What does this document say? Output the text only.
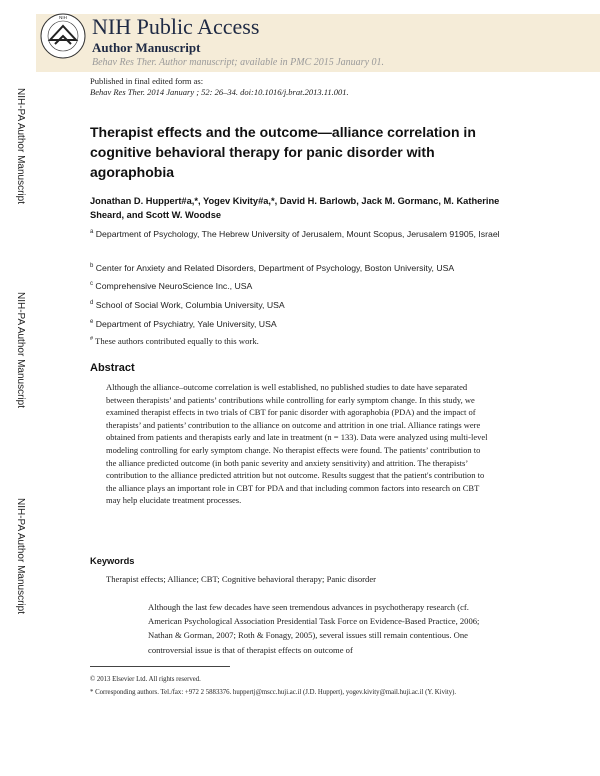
NIH NIH Public Access
Author Manuscript
Behav Res Ther. Author manuscript; available in PMC 2015 January 01.
Published in final edited form as:
Behav Res Ther. 2014 January ; 52: 26–34. doi:10.1016/j.brat.2013.11.001.
NIH-PA Author Manuscript
NIH-PA Author Manuscript
NIH-PA Author Manuscript
Therapist effects and the outcome—alliance correlation in cognitive behavioral therapy for panic disorder with agoraphobia
Jonathan D. Huppert#a,*, Yogev Kivity#a,*, David H. Barlowb, Jack M. Gormanc, M. Katherine
Sheard, and Scott W. Woodse
$^a$ Department of Psychology, The Hebrew University of Jerusalem, Mount Scopus, Jerusalem 91905, Israel
$^b$ Center for Anxiety and Related Disorders, Department of Psychology, Boston University, USA
$^c$ Comprehensive NeuroScience Inc., USA
$^d$ School of Social Work, Columbia University, USA
$^e$ Department of Psychiatry, Yale University, USA
# These authors contributed equally to this work.
Abstract
Although the alliance–outcome correlation is well established, no published studies to date have separated between therapists’ and patients’ contributions while controlling for early symptom change. In this study, we examined therapist effects in two trials of CBT for panic disorder with agoraphobia (PDA) and the impact of therapists’ and patients’ contribution to the alliance on outcome and attrition in one trial. Alliance ratings were obtained from patients and therapists early and late in treatment (n = 133). Data were analyzed using multi-level modeling controlling for early symptom change. No therapist effects were found. The patients’ contribution to the alliance predicted outcome (in both panic severity and anxiety sensitivity) and attrition. The therapists’ contribution to the alliance predicted attrition but not outcome. Results suggest that the patient's contribution to the alliance plays an important role in CBT for PDA and that including common factors into research on CBT may help elucidate treatment processes.
Keywords
Therapist effects; Alliance; CBT; Cognitive behavioral therapy; Panic disorder
Although the last few decades have seen tremendous advances in psychotherapy research (cf. American Psychological Association Presidential Task Force on Evidence-Based Practice, 2006; Nathan & Gorman, 2007; Roth & Fonagy, 2005), several issues still remain contentious. One controversial issue is that of therapist effects on outcome of
© 2013 Elsevier Ltd. All rights reserved.
* Corresponding authors. Tel./fax: +972 2 5883376. huppertj@mscc.huji.ac.il (J.D. Huppert), yogev.kivity@mail.huji.ac.il (Y. Kivity).
